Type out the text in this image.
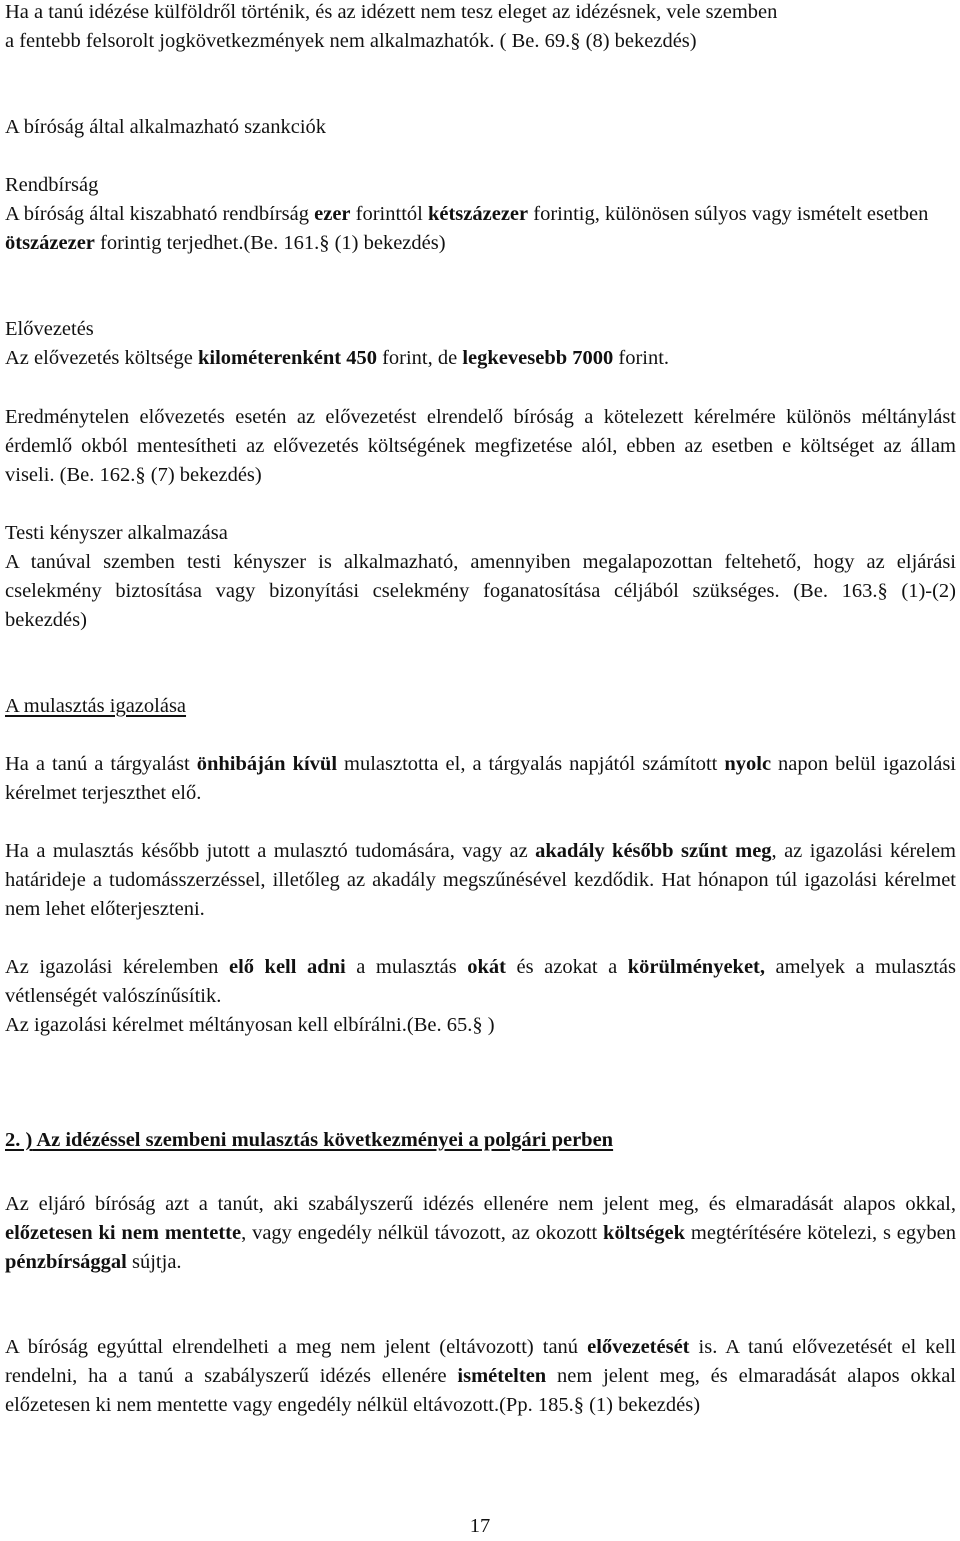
Ha a tanú idézése külföldről történik, és az idézett nem tesz eleget az idézésnek, vele szemben
a fentebb felsorolt jogkövetkezmények nem alkalmazhatók. ( Be. 69.§ (8) bekezdés)
A bíróság által alkalmazható szankciók
Rendbírság
A bíróság által kiszabható rendbírság ezer forinttól kétszázezer forintig, különösen súlyos vagy ismételt esetben ötszázezer forintig terjedhet.(Be. 161.§ (1) bekezdés)
Elővezetés
Az elővezetés költsége kilométerenként 450 forint, de legkevesebb 7000 forint.
Eredménytelen elővezetés esetén az elővezetést elrendelő bíróság a kötelezett kérelmére különös méltánylást érdemlő okból mentesítheti az elővezetés költségének megfizetése alól, ebben az esetben e költséget az állam viseli. (Be. 162.§ (7) bekezdés)
Testi kényszer alkalmazása
A tanúval szemben testi kényszer is alkalmazható, amennyiben megalapozottan feltehető, hogy az eljárási cselekmény biztosítása vagy bizonyítási cselekmény foganatosítása céljából szükséges. (Be. 163.§ (1)-(2) bekezdés)
A mulasztás igazolása
Ha a tanú a tárgyalást önhibáján kívül mulasztotta el, a tárgyalás napjától számított nyolc napon belül igazolási kérelmet terjeszthet elő.
Ha a mulasztás később jutott a mulasztó tudomására, vagy az akadály később szűnt meg, az igazolási kérelem határideje a tudomásszerzéssel, illetőleg az akadály megszűnésével kezdődik. Hat hónapon túl igazolási kérelmet nem lehet előterjeszteni.
Az igazolási kérelemben elő kell adni a mulasztás okát és azokat a körülményeket, amelyek a mulasztás vétlenségét valószínűsítik.
Az igazolási kérelmet méltányosan kell elbírálni.(Be. 65.§ )
2. ) Az idézéssel szembeni mulasztás következményei a polgári perben
Az eljáró bíróság azt a tanút, aki szabályszerű idézés ellenére nem jelent meg, és elmaradását alapos okkal, előzetesen ki nem mentette, vagy engedély nélkül távozott, az okozott költségek megtérítésére kötelezi, s egyben pénzbírsággal sújtja.
A bíróság egyúttal elrendelheti a meg nem jelent (eltávozott) tanú elővezetését is. A tanú elővezetését el kell rendelni, ha a tanú a szabályszerű idézés ellenére ismételten nem jelent meg, és elmaradását alapos okkal előzetesen ki nem mentette vagy engedély nélkül eltávozott.(Pp. 185.§ (1) bekezdés)
17
